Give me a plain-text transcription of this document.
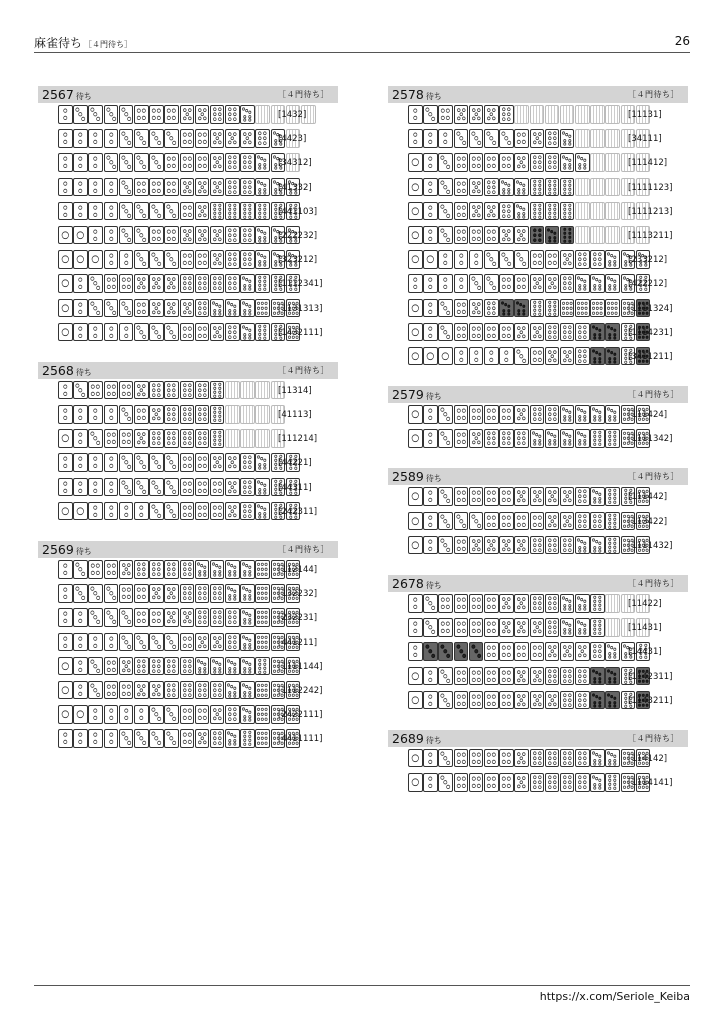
麻雀待ち ［４門待ち］	26
2567 待ち	［４門待ち］
[1432]
[4423]
[34312]
[41332]
[441103]
[222232]
[323212]
[1112341]
[1131313]
[1432111]
2568 待ち	［４門待ち］
[11314]
[41113]
[111214]
[44221]
[44311]
[242311]
2569 待ち	［４門待ち］
[112144]
[132232]
[232231]
[441211]
[1111144]
[1112242]
[2422111]
[4411111]
2578 待ち	［４門待ち］
[11131]
[34111]
[111412]
[1111123]
[1111213]
[1113211]
[233212]
[422212]
[1111324]
[1114231]
[3411211]
2579 待ち	［４門待ち］
[111424]
[1111342]
2589 待ち	［４門待ち］
[111442]
[113422]
[1111432]
2678 待ち	［４門待ち］
[11422]
[11431]
[14431]
[1142311]
[1143211]
2689 待ち	［４門待ち］
[114142]
[1114141]
https://x.com/Seriole_Keiba
